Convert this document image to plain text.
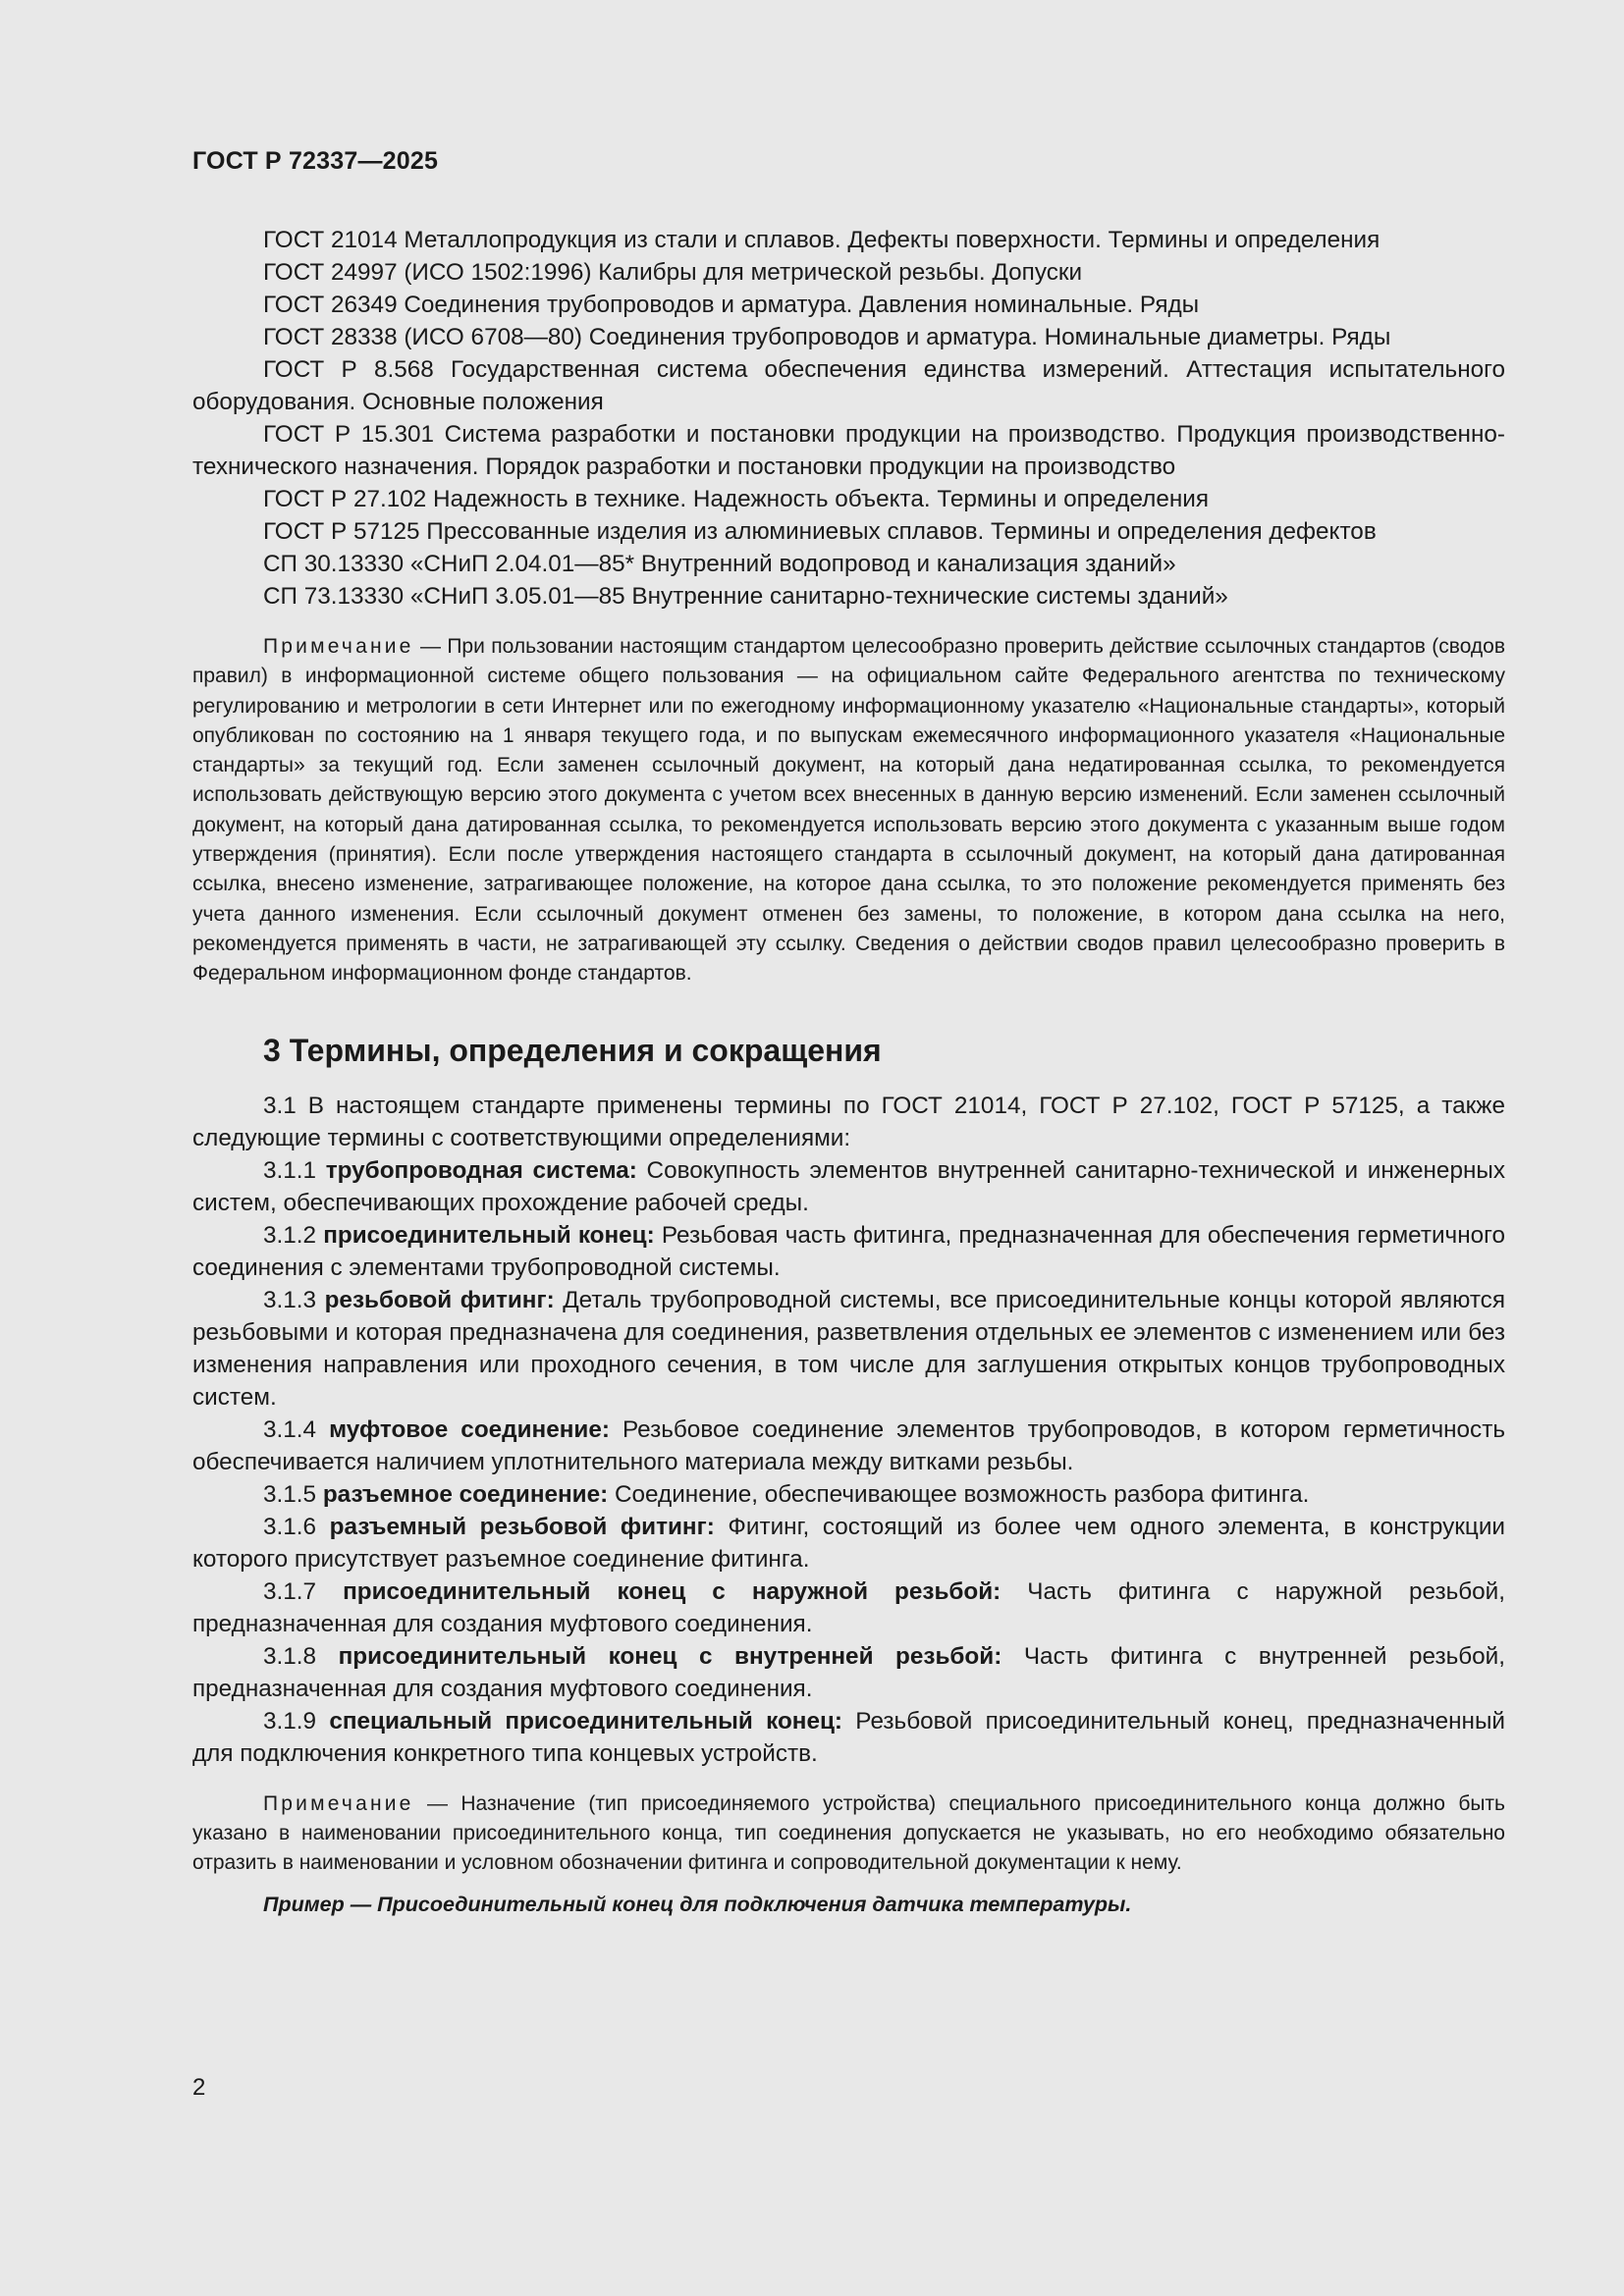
ГОСТ Р 72337—2025

ГОСТ 21014 Металлопродукция из стали и сплавов. Дефекты поверхности. Термины и определения

ГОСТ 24997 (ИСО 1502:1996) Калибры для метрической резьбы. Допуски

ГОСТ 26349 Соединения трубопроводов и арматура. Давления номинальные. Ряды

ГОСТ 28338 (ИСО 6708—80) Соединения трубопроводов и арматура. Номинальные диаметры. Ряды

ГОСТ Р 8.568 Государственная система обеспечения единства измерений. Аттестация испытательного оборудования. Основные положения

ГОСТ Р 15.301 Система разработки и постановки продукции на производство. Продукция производственно-технического назначения. Порядок разработки и постановки продукции на производство

ГОСТ Р 27.102 Надежность в технике. Надежность объекта. Термины и определения

ГОСТ Р 57125 Прессованные изделия из алюминиевых сплавов. Термины и определения дефектов

СП 30.13330 «СНиП 2.04.01—85* Внутренний водопровод и канализация зданий»

СП 73.13330 «СНиП 3.05.01—85 Внутренние санитарно-технические системы зданий»

Примечание — При пользовании настоящим стандартом целесообразно проверить действие ссылочных стандартов (сводов правил) в информационной системе общего пользования — на официальном сайте Федерального агентства по техническому регулированию и метрологии в сети Интернет или по ежегодному информационному указателю «Национальные стандарты», который опубликован по состоянию на 1 января текущего года, и по выпускам ежемесячного информационного указателя «Национальные стандарты» за текущий год. Если заменен ссылочный документ, на который дана недатированная ссылка, то рекомендуется использовать действующую версию этого документа с учетом всех внесенных в данную версию изменений. Если заменен ссылочный документ, на который дана датированная ссылка, то рекомендуется использовать версию этого документа с указанным выше годом утверждения (принятия). Если после утверждения настоящего стандарта в ссылочный документ, на который дана датированная ссылка, внесено изменение, затрагивающее положение, на которое дана ссылка, то это положение рекомендуется применять без учета данного изменения. Если ссылочный документ отменен без замены, то положение, в котором дана ссылка на него, рекомендуется применять в части, не затрагивающей эту ссылку. Сведения о действии сводов правил целесообразно проверить в Федеральном информационном фонде стандартов.
3 Термины, определения и сокращения

3.1 В настоящем стандарте применены термины по ГОСТ 21014, ГОСТ Р 27.102, ГОСТ Р 57125, а также следующие термины с соответствующими определениями:

3.1.1 трубопроводная система: Совокупность элементов внутренней санитарно-технической и инженерных систем, обеспечивающих прохождение рабочей среды.

3.1.2 присоединительный конец: Резьбовая часть фитинга, предназначенная для обеспечения герметичного соединения с элементами трубопроводной системы.

3.1.3 резьбовой фитинг: Деталь трубопроводной системы, все присоединительные концы которой являются резьбовыми и которая предназначена для соединения, разветвления отдельных ее элементов с изменением или без изменения направления или проходного сечения, в том числе для заглушения открытых концов трубопроводных систем.

3.1.4 муфтовое соединение: Резьбовое соединение элементов трубопроводов, в котором герметичность обеспечивается наличием уплотнительного материала между витками резьбы.

3.1.5 разъемное соединение: Соединение, обеспечивающее возможность разбора фитинга.

3.1.6 разъемный резьбовой фитинг: Фитинг, состоящий из более чем одного элемента, в конструкции которого присутствует разъемное соединение фитинга.

3.1.7 присоединительный конец с наружной резьбой: Часть фитинга с наружной резьбой, предназначенная для создания муфтового соединения.

3.1.8 присоединительный конец с внутренней резьбой: Часть фитинга с внутренней резьбой, предназначенная для создания муфтового соединения.

3.1.9 специальный присоединительный конец: Резьбовой присоединительный конец, предназначенный для подключения конкретного типа концевых устройств.

Примечание — Назначение (тип присоединяемого устройства) специального присоединительного конца должно быть указано в наименовании присоединительного конца, тип соединения допускается не указывать, но его необходимо обязательно отразить в наименовании и условном обозначении фитинга и сопроводительной документации к нему.
Пример — Присоединительный конец для подключения датчика температуры.
2
